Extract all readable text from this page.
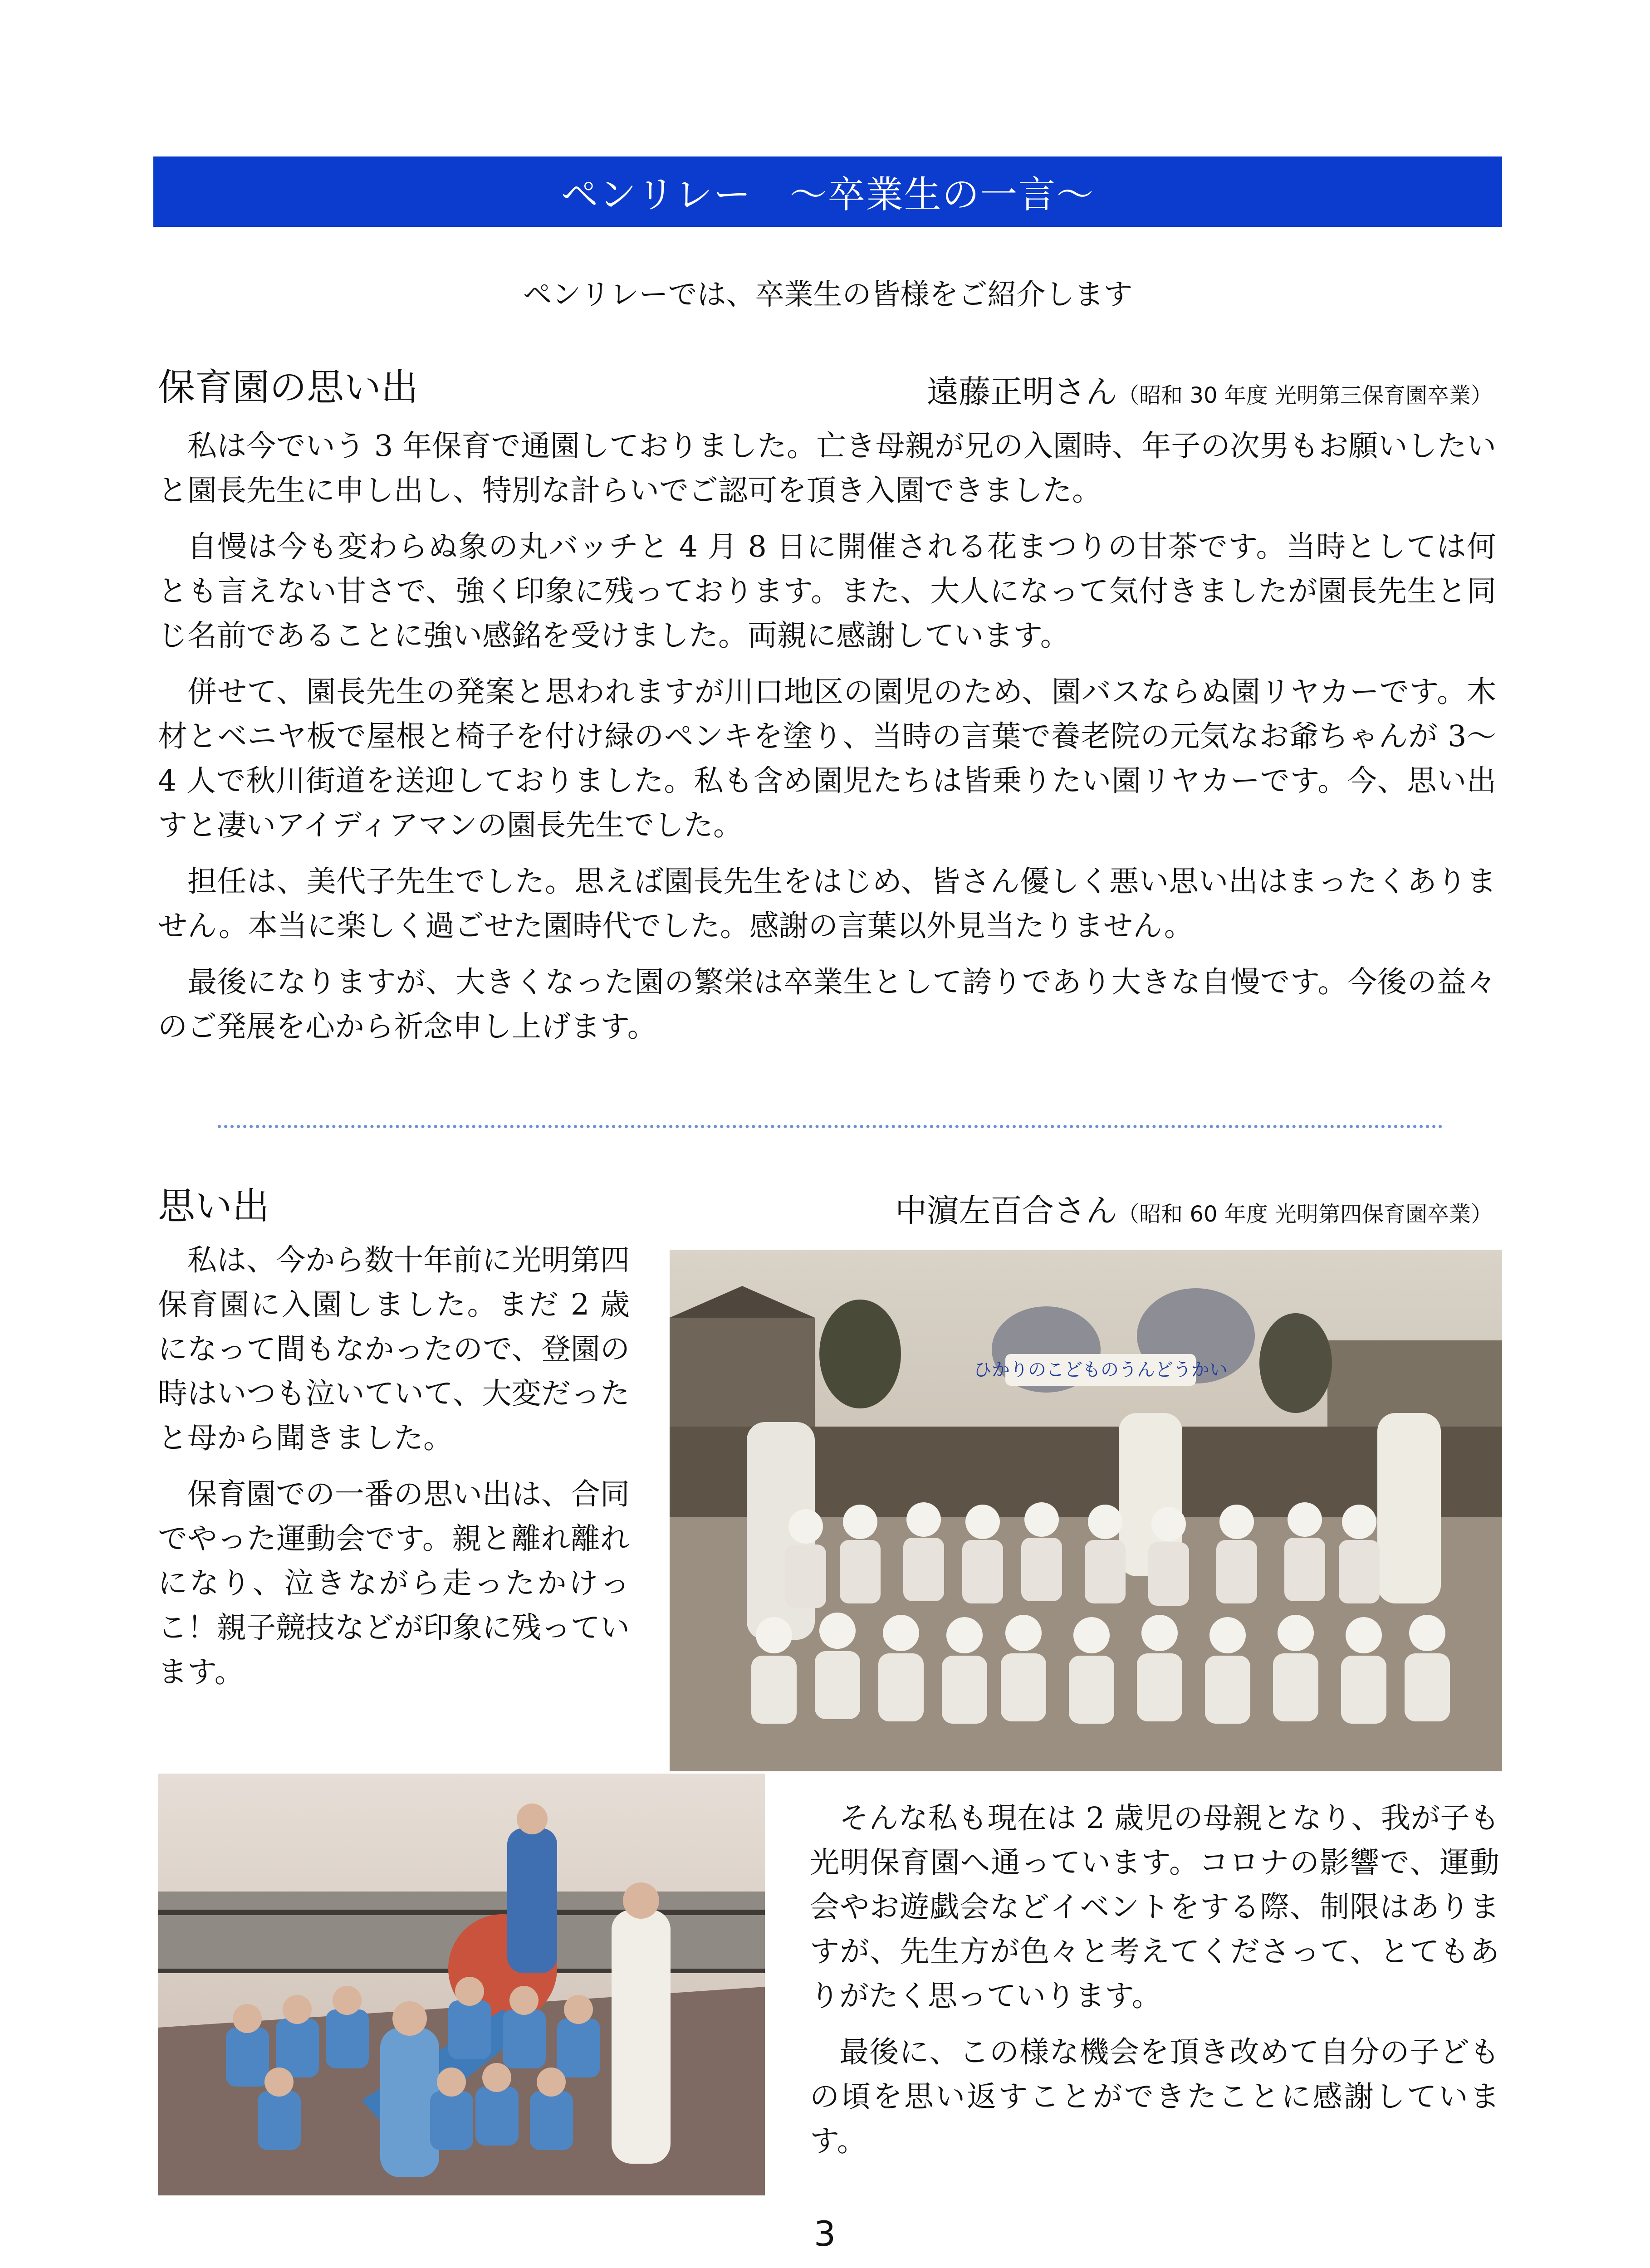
ペンリレー　～卒業生の一言～
ペンリレーでは、卒業生の皆様をご紹介します
保育園の思い出	遠藤正明さん（昭和 30 年度 光明第三保育園卒業）

私は今でいう 3 年保育で通園しておりました。亡き母親が兄の入園時、年子の次男もお願いしたいと園長先生に申し出し、特別な計らいでご認可を頂き入園できました。

自慢は今も変わらぬ象の丸バッチと 4 月 8 日に開催される花まつりの甘茶です。当時としては何とも言えない甘さで、強く印象に残っております。また、大人になって気付きましたが園長先生と同じ名前であることに強い感銘を受けました。両親に感謝しています。

併せて、園長先生の発案と思われますが川口地区の園児のため、園バスならぬ園リヤカーです。木材とベニヤ板で屋根と椅子を付け緑のペンキを塗り、当時の言葉で養老院の元気なお爺ちゃんが 3～4 人で秋川街道を送迎しておりました。私も含め園児たちは皆乗りたい園リヤカーです。今、思い出すと凄いアイディアマンの園長先生でした。

担任は、美代子先生でした。思えば園長先生をはじめ、皆さん優しく悪い思い出はまったくありません。本当に楽しく過ごせた園時代でした。感謝の言葉以外見当たりません。

最後になりますが、大きくなった園の繁栄は卒業生として誇りであり大きな自慢です。今後の益々のご発展を心から祈念申し上げます。

思い出	中濵左百合さん（昭和 60 年度 光明第四保育園卒業）

私は、今から数十年前に光明第四保育園に入園しました。まだ 2 歳になって間もなかったので、登園の時はいつも泣いていて、大変だったと母から聞きました。

保育園での一番の思い出は、合同でやった運動会です。親と離れ離れになり、泣きながら走ったかけっこ！親子競技などが印象に残っています。

ひかりのこどものうんどうかい

そんな私も現在は 2 歳児の母親となり、我が子も光明保育園へ通っています。コロナの影響で、運動会やお遊戯会などイベントをする際、制限はありますが、先生方が色々と考えてくださって、とてもありがたく思っていります。

最後に、この様な機会を頂き改めて自分の子どもの頃を思い返すことができたことに感謝しています。

3
